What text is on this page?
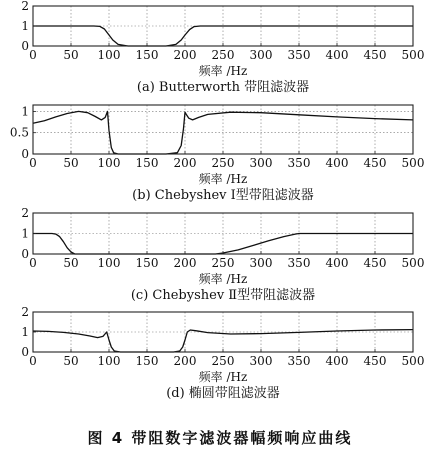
0 50 100 150 200 250 300 350 400 450 500
0
1
2
频率 /Hz
(a) Butterworth 带阻滤波器
0 50 100 150 200 250 300 350 400 450 500
0
0.5
1
频率 /Hz
(b) Chebyshev Ⅰ型带阻滤波器
0 50 100 150 200 250 300 350 400 450 500
0
1
2
频率 /Hz
(c) Chebyshev Ⅱ型带阻滤波器
0 50 100 150 200 250 300 350 400 450 500
0
1
2
频率 /Hz
(d) 椭圆带阻滤波器
图 4 带阻数字滤波器幅频响应曲线
